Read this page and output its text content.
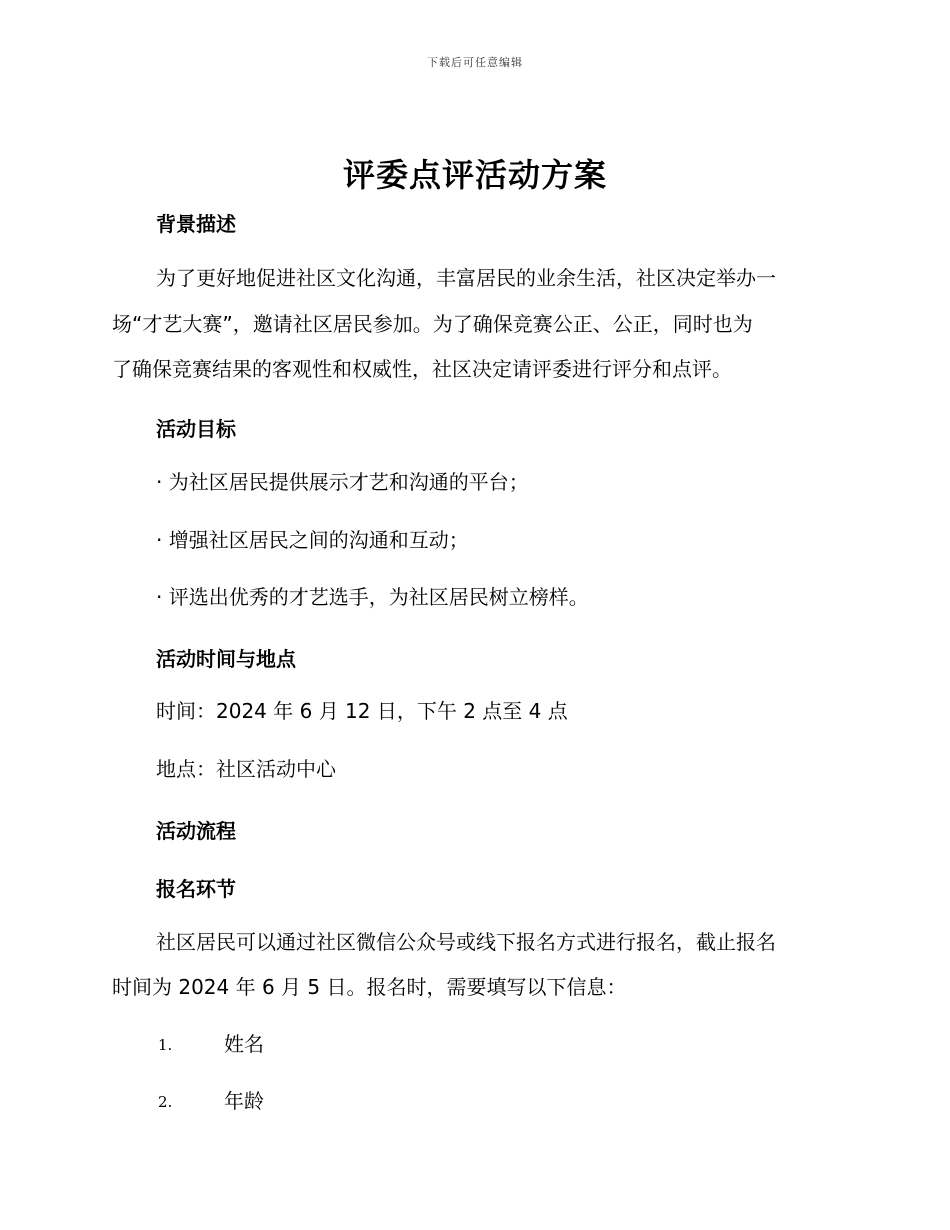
下载后可任意编辑
评委点评活动方案
背景描述
为了更好地促进社区文化沟通，丰富居民的业余生活，社区决定举办一
场“才艺大赛”，邀请社区居民参加。为了确保竞赛公正、公正，同时也为
了确保竞赛结果的客观性和权威性，社区决定请评委进行评分和点评。
活动目标
· 为社区居民提供展示才艺和沟通的平台；
· 增强社区居民之间的沟通和互动；
· 评选出优秀的才艺选手，为社区居民树立榜样。
活动时间与地点
时间：2024 年 6 月 12 日，下午 2 点至 4 点
地点：社区活动中心
活动流程
报名环节
社区居民可以通过社区微信公众号或线下报名方式进行报名，截止报名
时间为 2024 年 6 月 5 日。报名时，需要填写以下信息：
1.	姓名
2.	年龄
